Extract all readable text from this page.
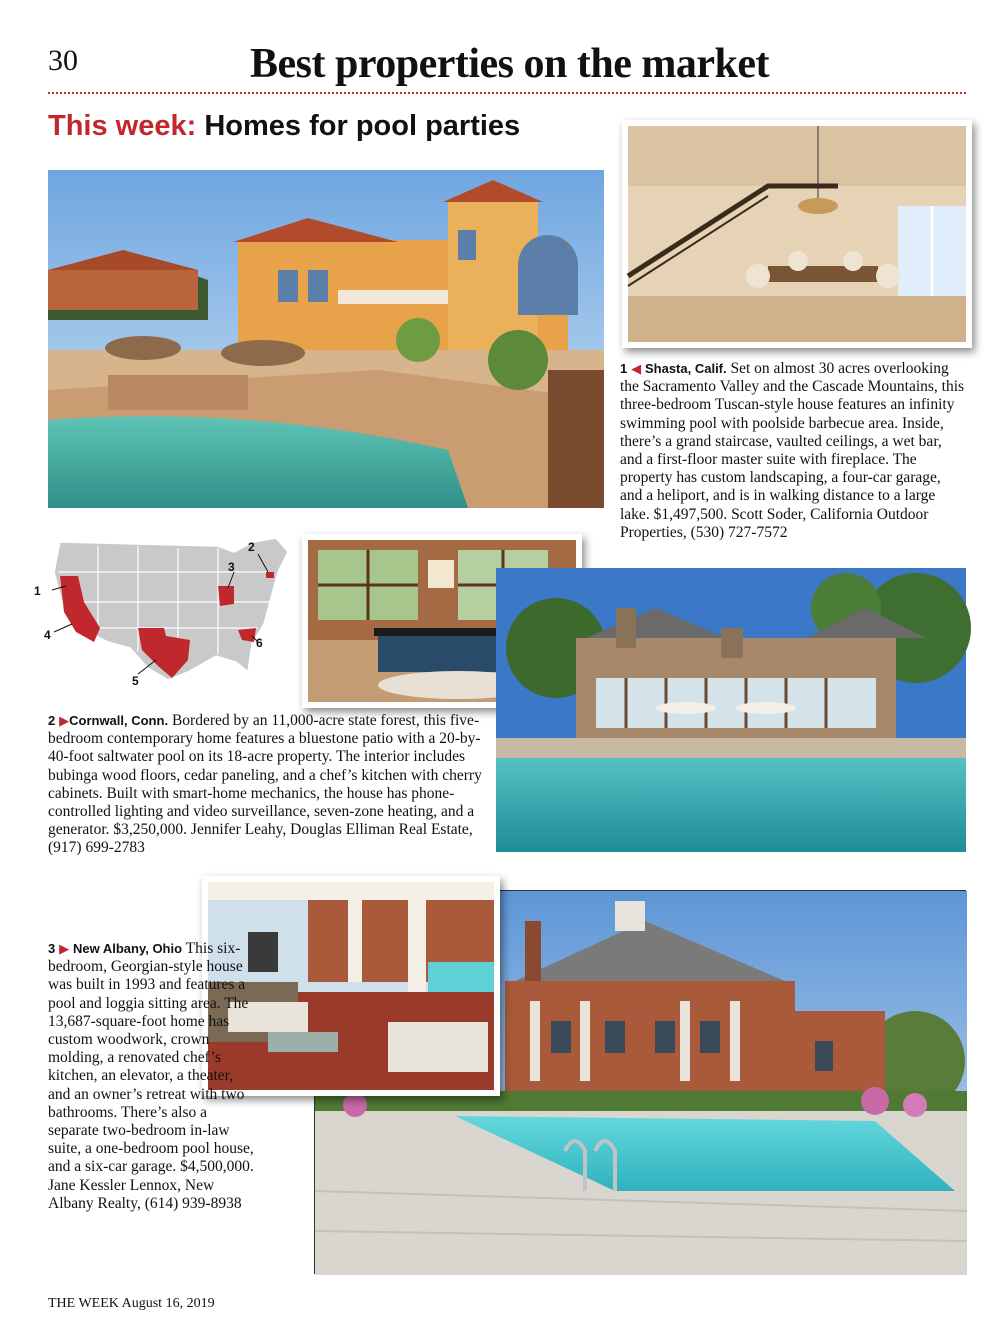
30	Best properties on the market
This week: Homes for pool parties
1 ◀ Shasta, Calif. Set on almost 30 acres overlooking the Sacramento Valley and the Cascade Mountains, this three-bedroom Tuscan-style house features an infinity swimming pool with poolside barbecue area. Inside, there’s a grand staircase, vaulted ceilings, a wet bar, and a first-floor master suite with fireplace. The property has custom landscaping, a four-car garage, and a heliport, and is in walking distance to a large lake. $1,497,500. Scott Soder, California Outdoor Properties, (530) 727-7572
1
2
3
4
5
6
2 ▶Cornwall, Conn. Bordered by an 11,000-acre state forest, this five-bedroom contemporary home features a bluestone patio with a 20-by-40-foot saltwater pool on its 18-acre property. The interior includes bubinga wood floors, cedar paneling, and a chef’s kitchen with cherry cabinets. Built with smart-home mechanics, the house has phone-controlled lighting and video surveillance, seven-zone heating, and a generator. $3,250,000. Jennifer Leahy, Douglas Elliman Real Estate, (917) 699-2783
3 ▶ New Albany, Ohio This six-bedroom, Georgian-style house was built in 1993 and features a pool and loggia sitting area. The 13,687-square-foot home has custom woodwork, crown molding, a renovated chef’s kitchen, an elevator, a theater, and an owner’s retreat with two bathrooms. There’s also a separate two-bedroom in-law suite, a one-bedroom pool house, and a six-car garage. $4,500,000. Jane Kessler Lennox, New Albany Realty, (614) 939-8938
THE WEEK August 16, 2019
